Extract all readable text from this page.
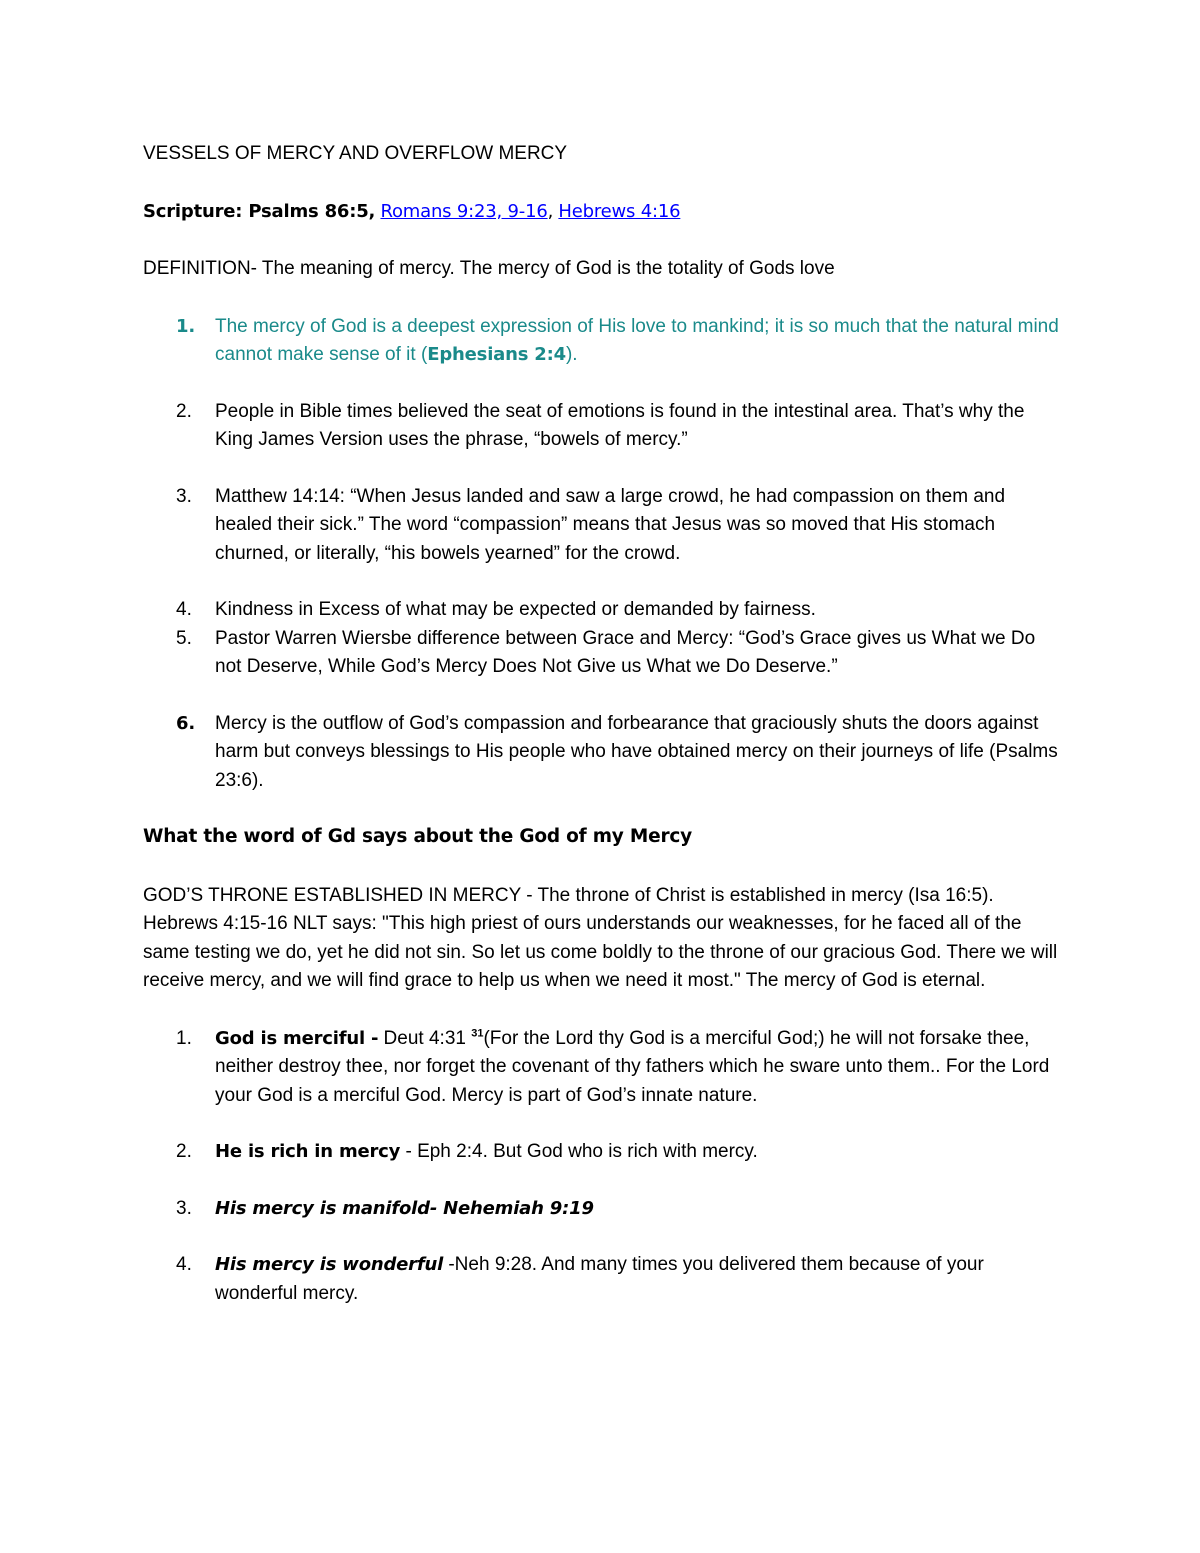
VESSELS OF MERCY AND OVERFLOW MERCY

Scripture: Psalms 86:5, Romans 9:23, 9-16, Hebrews 4:16

DEFINITION- The meaning of mercy. The mercy of God is the totality of Gods love

1.	The mercy of God is a deepest expression of His love to mankind; it is so much that the natural mind cannot make sense of it (Ephesians 2:4).
2.	People in Bible times believed the seat of emotions is found in the intestinal area. That’s why the King James Version uses the phrase, “bowels of mercy.”
3.	Matthew 14:14: “When Jesus landed and saw a large crowd, he had compassion on them and healed their sick.” The word “compassion” means that Jesus was so moved that His stomach churned, or literally, “his bowels yearned” for the crowd.
4.	Kindness in Excess of what may be expected or demanded by fairness.
5.	Pastor Warren Wiersbe difference between Grace and Mercy: “God’s Grace gives us What we Do not Deserve, While God’s Mercy Does Not Give us What we Do Deserve.”
6.	Mercy is the outflow of God’s compassion and forbearance that graciously shuts the doors against harm but conveys blessings to His people who have obtained mercy on their journeys of life (Psalms 23:6).

What the word of Gd says about the God of my Mercy

GOD’S THRONE ESTABLISHED IN MERCY - The throne of Christ is established in mercy (Isa 16:5). Hebrews 4:15-16 NLT says: "This high priest of ours understands our weaknesses, for he faced all of the same testing we do, yet he did not sin. So let us come boldly to the throne of our gracious God. There we will receive mercy, and we will find grace to help us when we need it most." The mercy of God is eternal.

1.	God is merciful - Deut 4:31 $^{31}$(For the Lord thy God is a merciful God;) he will not forsake thee, neither destroy thee, nor forget the covenant of thy fathers which he sware unto them.. For the Lord your God is a merciful God. Mercy is part of God’s innate nature.
2.	He is rich in mercy - Eph 2:4. But God who is rich with mercy.
3.	His mercy is manifold- Nehemiah 9:19
4.	His mercy is wonderful -Neh 9:28. And many times you delivered them because of your wonderful mercy.
